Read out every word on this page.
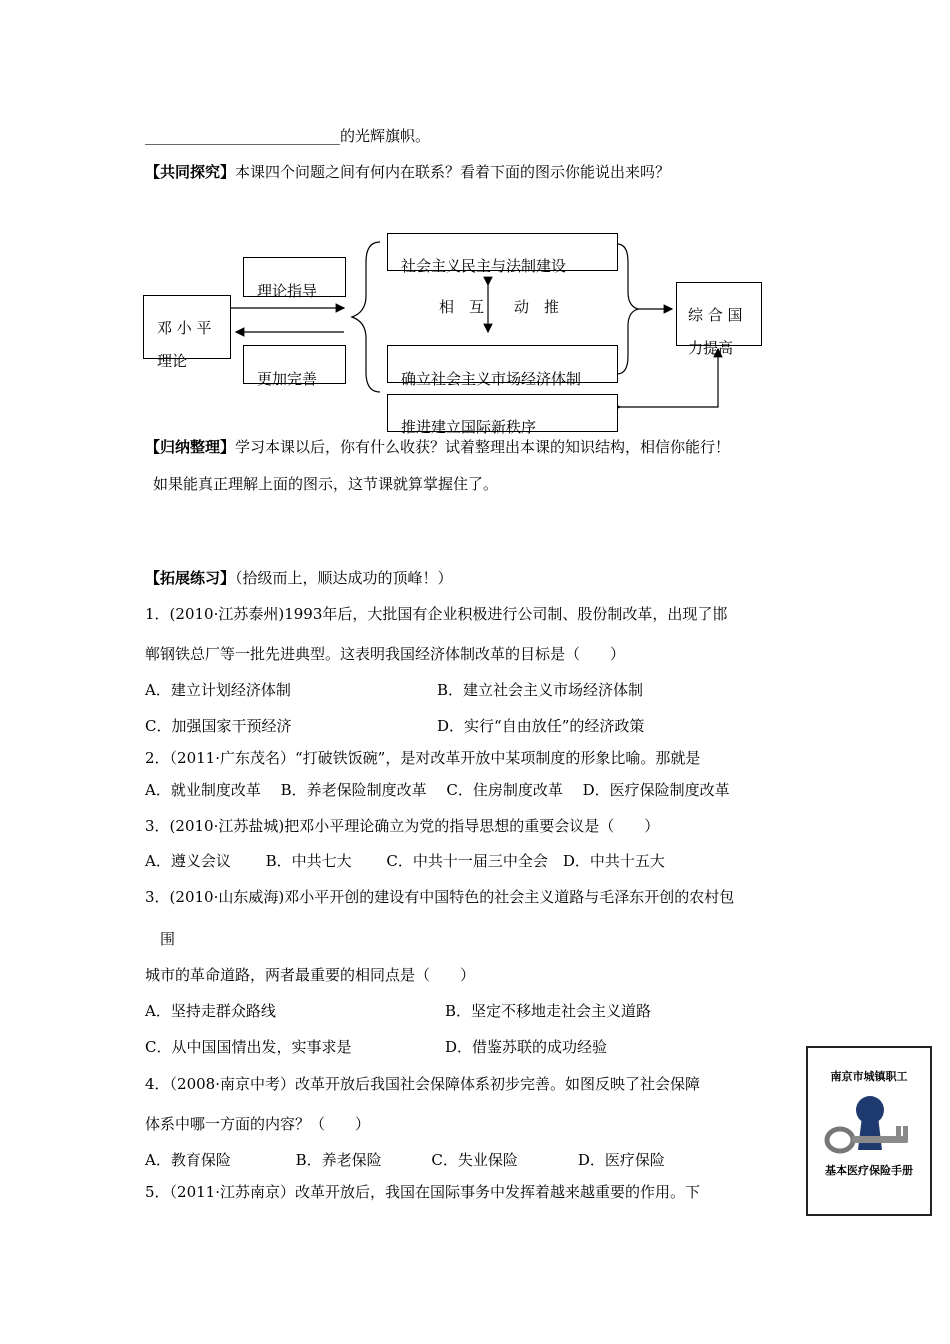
__________________________的光辉旗帜。
【共同探究】本课四个问题之间有何内在联系？看着下面的图示你能说出来吗？
邓 小 平
理论
理论指导
更加完善
社会主义民主与法制建设
相　互　　动　推
确立社会主义市场经济体制
推进建立国际新秩序
综 合 国
力提高
【归纳整理】学习本课以后，你有什么收获？试着整理出本课的知识结构，相信你能行！
如果能真正理解上面的图示，这节课就算掌握住了。
【拓展练习】（拾级而上，顺达成功的顶峰！）
1．(2010·江苏泰州)1993年后，大批国有企业积极进行公司制、股份制改革，出现了邯
郸钢铁总厂等一批先进典型。这表明我国经济体制改革的目标是（　　）
A．建立计划经济体制	B．建立社会主义市场经济体制
C．加强国家干预经济	D．实行“自由放任”的经济政策
2．（2011·广东茂名）“打破铁饭碗”，是对改革开放中某项制度的形象比喻。那就是
A．就业制度改革　 B．养老保险制度改革　 C．住房制度改革　 D．医疗保险制度改革
3．(2010·江苏盐城)把邓小平理论确立为党的指导思想的重要会议是（　　）
A．遵义会议　　 B．中共七大　　 C．中共十一届三中全会　D．中共十五大
3．(2010·山东威海)邓小平开创的建设有中国特色的社会主义道路与毛泽东开创的农村包
围
城市的革命道路，两者最重要的相同点是（　　）
A．坚持走群众路线	B．坚定不移地走社会主义道路
C．从中国国情出发，实事求是	D．借鉴苏联的成功经验
4．（2008·南京中考）改革开放后我国社会保障体系初步完善。如图反映了社会保障
体系中哪一方面的内容？（　　）
A．教育保险　　　　 B．养老保险　　　 C．失业保险　　　　D．医疗保险
5．（2011·江苏南京）改革开放后，我国在国际事务中发挥着越来越重要的作用。下
南京市城镇职工
基本医疗保险手册
